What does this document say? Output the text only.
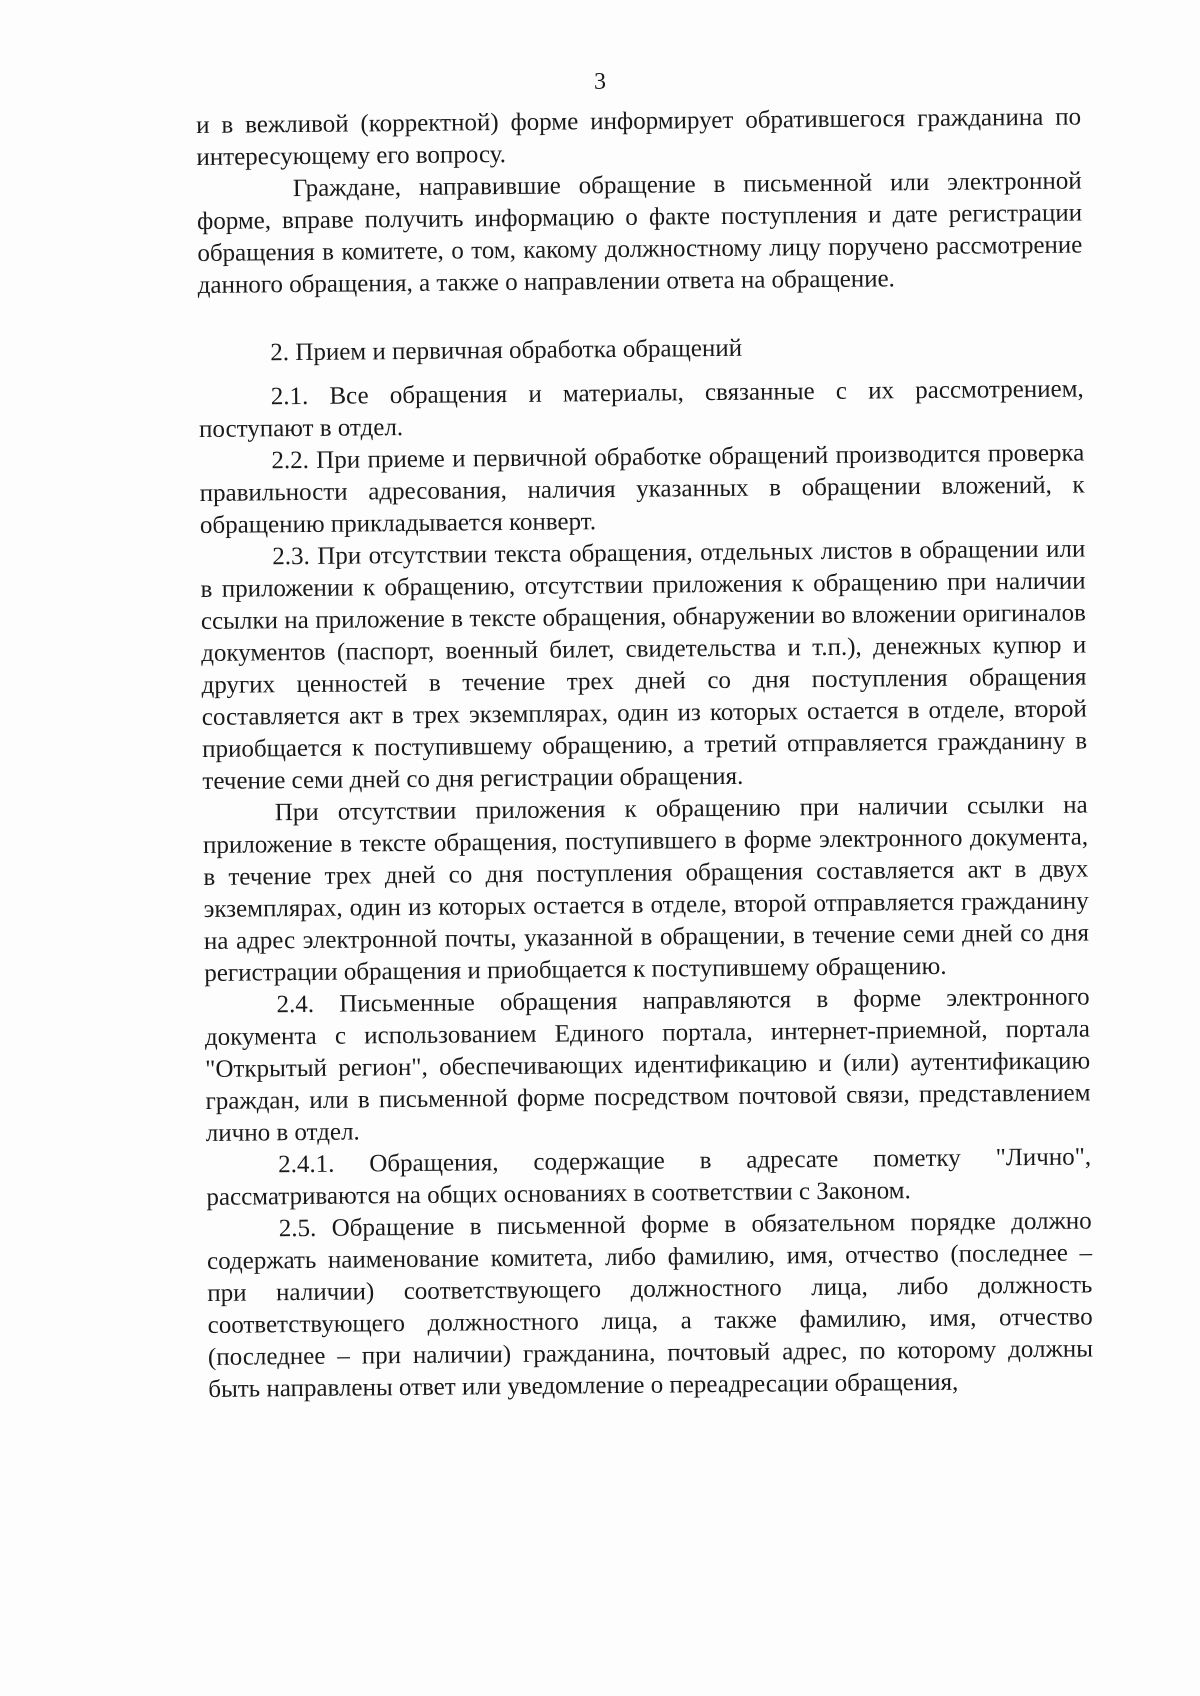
3

и в вежливой (корректной) форме информирует обратившегося гражданина по интересующему его вопросу.

Граждане, направившие обращение в письменной или электронной форме, вправе получить информацию о факте поступления и дате регистрации обращения в комитете, о том, какому должностному лицу поручено рассмотрение данного обращения, а также о направлении ответа на обращение.

2. Прием и первичная обработка обращений

2.1. Все обращения и материалы, связанные с их рассмотрением, поступают в отдел.

2.2. При приеме и первичной обработке обращений производится проверка правильности адресования, наличия указанных в обращении вложений, к обращению прикладывается конверт.

2.3. При отсутствии текста обращения, отдельных листов в обращении или в приложении к обращению, отсутствии приложения к обращению при наличии ссылки на приложение в тексте обращения, обнаружении во вложении оригиналов документов (паспорт, военный билет, свидетельства и т.п.), денежных купюр и других ценностей в течение трех дней со дня поступления обращения составляется акт в трех экземплярах, один из которых остается в отделе, второй приобщается к поступившему обращению, а третий отправляется гражданину в течение семи дней со дня регистрации обращения.

При отсутствии приложения к обращению при наличии ссылки на приложение в тексте обращения, поступившего в форме электронного документа, в течение трех дней со дня поступления обращения составляется акт в двух экземплярах, один из которых остается в отделе, второй отправляется гражданину на адрес электронной почты, указанной в обращении, в течение семи дней со дня регистрации обращения и приобщается к поступившему обращению.

2.4. Письменные обращения направляются в форме электронного документа с использованием Единого портала, интернет-приемной, портала "Открытый регион", обеспечивающих идентификацию и (или) аутентификацию граждан, или в письменной форме посредством почтовой связи, представлением лично в отдел.

2.4.1. Обращения, содержащие в адресате пометку "Лично", рассматриваются на общих основаниях в соответствии с Законом.

2.5. Обращение в письменной форме в обязательном порядке должно содержать наименование комитета, либо фамилию, имя, отчество (последнее – при наличии) соответствующего должностного лица, либо должность соответствующего должностного лица, а также фамилию, имя, отчество (последнее – при наличии) гражданина, почтовый адрес, по которому должны быть направлены ответ или уведомление о переадресации обращения,
